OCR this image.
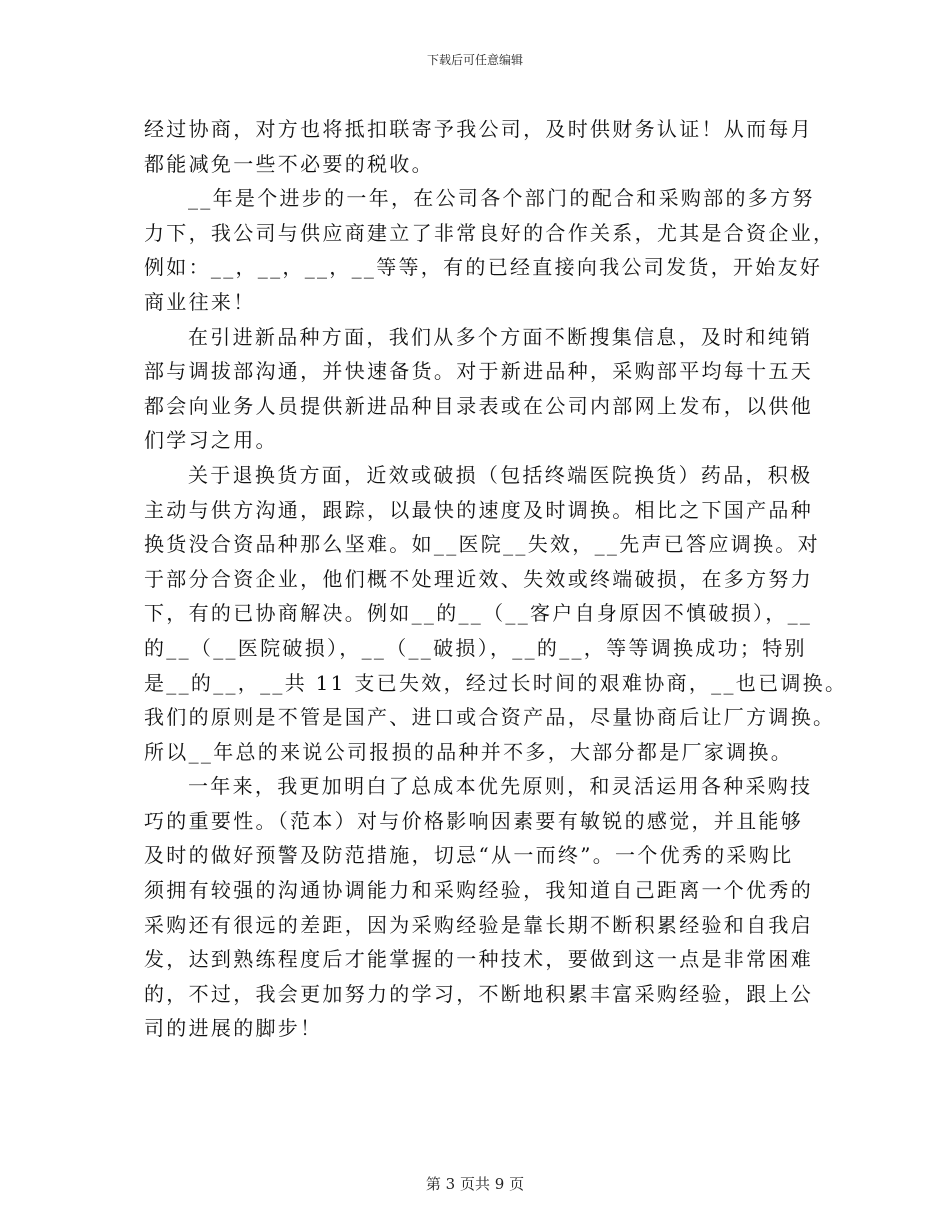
下载后可任意编辑
经过协商，对方也将抵扣联寄予我公司，及时供财务认证！从而每月
都能减免一些不必要的税收。
__年是个进步的一年，在公司各个部门的配合和采购部的多方努
力下，我公司与供应商建立了非常良好的合作关系，尤其是合资企业，
例如：__，__，__，__等等，有的已经直接向我公司发货，开始友好
商业往来！
在引进新品种方面，我们从多个方面不断搜集信息，及时和纯销
部与调拔部沟通，并快速备货。对于新进品种，采购部平均每十五天
都会向业务人员提供新进品种目录表或在公司内部网上发布，以供他
们学习之用。
关于退换货方面，近效或破损（包括终端医院换货）药品，积极
主动与供方沟通，跟踪，以最快的速度及时调换。相比之下国产品种
换货没合资品种那么坚难。如__医院__失效，__先声已答应调换。对
于部分合资企业，他们概不处理近效、失效或终端破损，在多方努力
下，有的已协商解决。例如__的__（__客户自身原因不慎破损），__
的__（__医院破损），__（__破损），__的__，等等调换成功；特别
是__的__，__共 11 支已失效，经过长时间的艰难协商，__也已调换。
我们的原则是不管是国产、进口或合资产品，尽量协商后让厂方调换。
所以__年总的来说公司报损的品种并不多，大部分都是厂家调换。
一年来，我更加明白了总成本优先原则，和灵活运用各种采购技
巧的重要性。（范本）对与价格影响因素要有敏锐的感觉，并且能够
及时的做好预警及防范措施，切忌“从一而终”。一个优秀的采购比
须拥有较强的沟通协调能力和采购经验，我知道自己距离一个优秀的
采购还有很远的差距，因为采购经验是靠长期不断积累经验和自我启
发，达到熟练程度后才能掌握的一种技术，要做到这一点是非常困难
的，不过，我会更加努力的学习，不断地积累丰富采购经验，跟上公
司的进展的脚步！
第 3 页共 9 页
